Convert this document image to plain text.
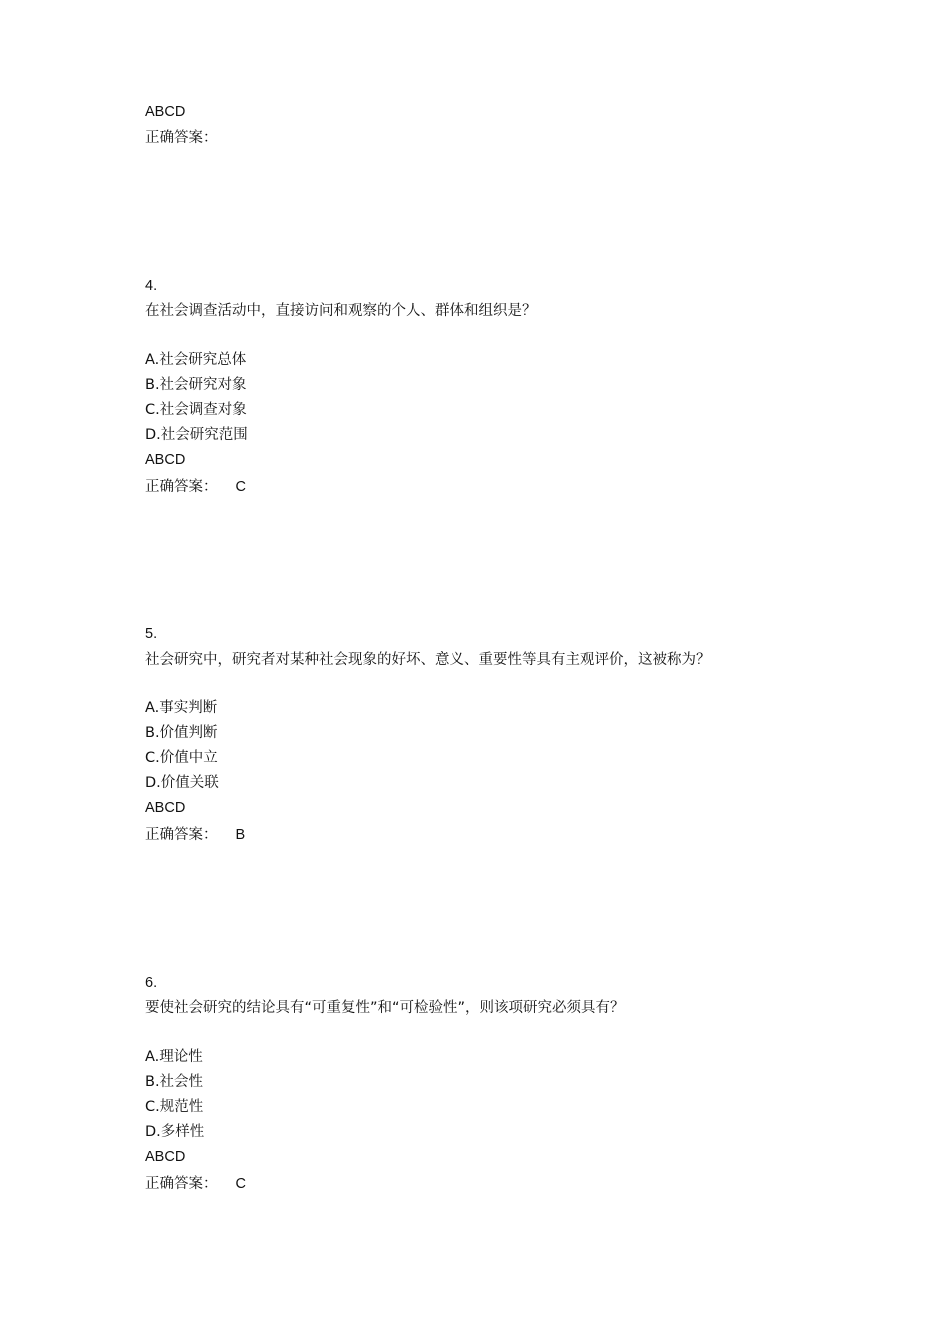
ABCD
正确答案：
4.
在社会调查活动中，直接访问和观察的个人、群体和组织是？
A.社会研究总体
B.社会研究对象
C.社会调查对象
D.社会研究范围
ABCD
正确答案： C
5.
社会研究中，研究者对某种社会现象的好坏、意义、重要性等具有主观评价，这被称为？
A.事实判断
B.价值判断
C.价值中立
D.价值关联
ABCD
正确答案： B
6.
要使社会研究的结论具有“可重复性”和“可检验性”，则该项研究必须具有？
A.理论性
B.社会性
C.规范性
D.多样性
ABCD
正确答案： C
